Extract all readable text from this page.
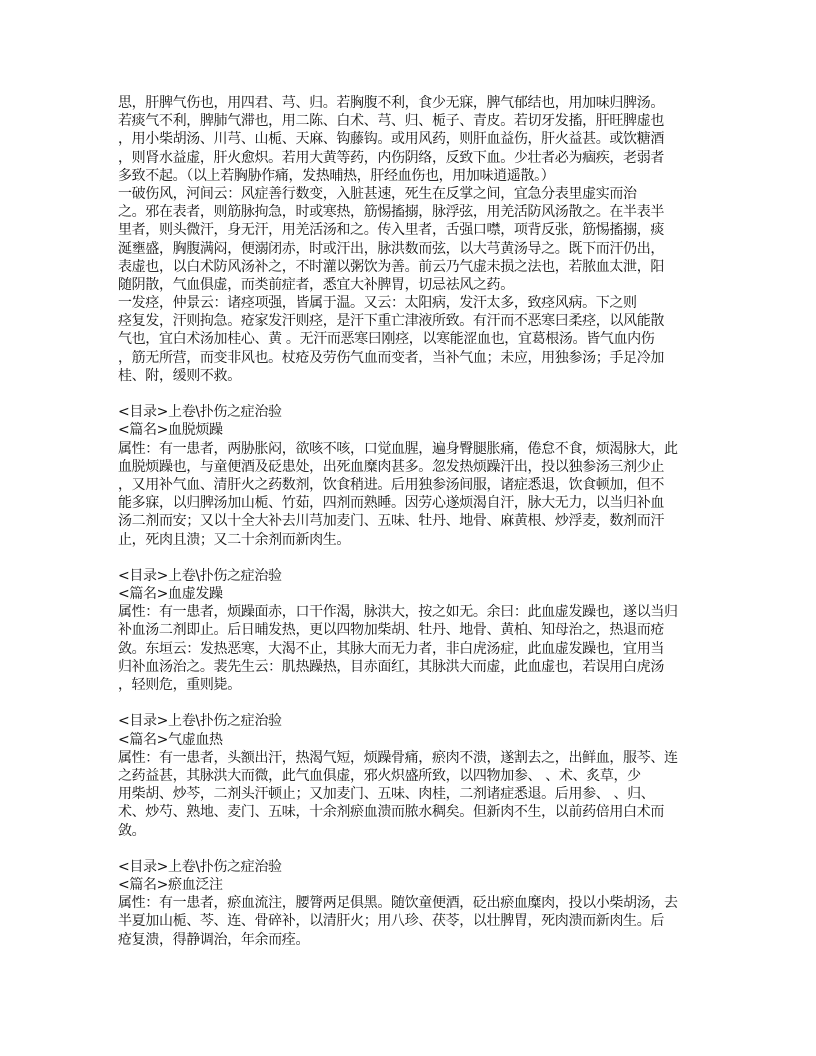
思，肝脾气伤也，用四君、芎、归。若胸腹不利，食少无寐，脾气郁结也，用加味归脾汤。
若痰气不利，脾肺气滞也，用二陈、白术、芎、归、栀子、青皮。若切牙发搐，肝旺脾虚也
，用小柴胡汤、川芎、山栀、天麻、钩藤钩。或用风药，则肝血益伤，肝火益甚。或饮糖酒
，则肾水益虚，肝火愈炽。若用大黄等药，内伤阴络，反致下血。少壮者必为痼疾，老弱者
多致不起。（以上若胸胁作痛，发热晡热，肝经血伤也，用加味逍遥散。）
一破伤风，河间云：风症善行数变，入脏甚速，死生在反掌之间，宜急分表里虚实而治
之。邪在表者，则筋脉拘急，时或寒热，筋惕搐搦，脉浮弦，用羌活防风汤散之。在半表半
里者，则头微汗，身无汗，用羌活汤和之。传入里者，舌强口噤，项背反张，筋惕搐搦，痰
涎壅盛，胸腹满闷，便溺闭赤，时或汗出，脉洪数而弦，以大芎黄汤导之。既下而汗仍出，
表虚也，以白术防风汤补之，不时灌以粥饮为善。前云乃气虚未损之法也，若脓血太泄，阳
随阴散，气血俱虚，而类前症者，悉宜大补脾胃，切忌祛风之药。
一发痉，仲景云：诸痉项强，皆属于温。又云：太阳病，发汗太多，致痉风病。下之则
痉复发，汗则拘急。疮家发汗则痉，是汗下重亡津液所致。有汗而不恶寒曰柔痉，以风能散
气也，宜白术汤加桂心、黄 。无汗而恶寒曰刚痉，以寒能涩血也，宜葛根汤。皆气血内伤
，筋无所营，而变非风也。杖疮及劳伤气血而变者，当补气血；未应，用独参汤；手足冷加
桂、附，缓则不救。
<目录>上卷\扑伤之症治验
<篇名>血脱烦躁
属性：有一患者，两胁胀闷，欲咳不咳，口觉血腥，遍身臀腿胀痛，倦怠不食，烦渴脉大，此
血脱烦躁也，与童便酒及砭患处，出死血糜肉甚多。忽发热烦躁汗出，投以独参汤三剂少止
，又用补气血、清肝火之药数剂，饮食稍进。后用独参汤间服，诸症悉退，饮食顿加，但不
能多寐，以归脾汤加山栀、竹茹，四剂而熟睡。因劳心遂烦渴自汗，脉大无力，以当归补血
汤二剂而安；又以十全大补去川芎加麦门、五味、牡丹、地骨、麻黄根、炒浮麦，数剂而汗
止，死肉且溃；又二十余剂而新肉生。
<目录>上卷\扑伤之症治验
<篇名>血虚发躁
属性：有一患者，烦躁面赤，口干作渴，脉洪大，按之如无。余曰：此血虚发躁也，遂以当归
补血汤二剂即止。后日晡发热，更以四物加柴胡、牡丹、地骨、黄柏、知母治之，热退而疮
敛。东垣云：发热恶寒，大渴不止，其脉大而无力者，非白虎汤症，此血虚发躁也，宜用当
归补血汤治之。裴先生云：肌热躁热，目赤面红，其脉洪大而虚，此血虚也，若误用白虎汤
，轻则危，重则毙。
<目录>上卷\扑伤之症治验
<篇名>气虚血热
属性：有一患者，头额出汗，热渴气短，烦躁骨痛，瘀肉不溃，遂割去之，出鲜血，服芩、连
之药益甚，其脉洪大而微，此气血俱虚，邪火炽盛所致，以四物加参、 、术、炙草，少
用柴胡、炒芩，二剂头汗顿止；又加麦门、五味、肉桂，二剂诸症悉退。后用参、 、归、
术、炒芍、熟地、麦门、五味，十余剂瘀血溃而脓水稠矣。但新肉不生，以前药倍用白术而
敛。
<目录>上卷\扑伤之症治验
<篇名>瘀血泛注
属性：有一患者，瘀血流注，腰膂两足俱黑。随饮童便酒，砭出瘀血糜肉，投以小柴胡汤，去
半夏加山栀、芩、连、骨碎补，以清肝火；用八珍、茯苓，以壮脾胃，死肉溃而新肉生。后
疮复溃，得静调治，年余而痊。
